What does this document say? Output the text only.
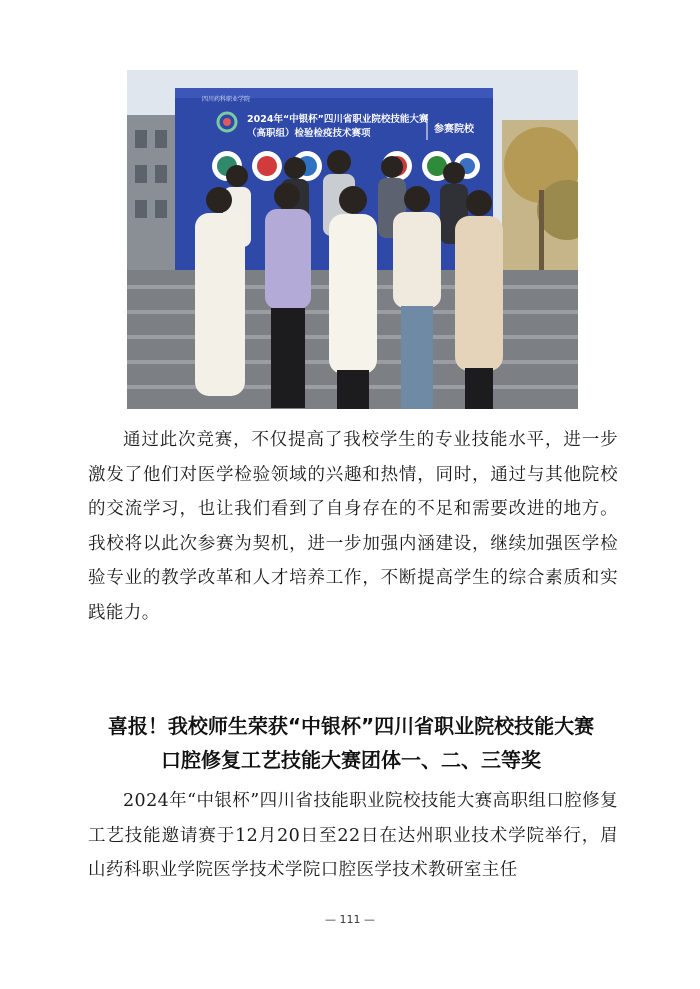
四川药科职业学院
2024年“中银杯”四川省职业院校技能大赛
（高职组）检验检疫技术赛项	参赛院校
通过此次竞赛，不仅提高了我校学生的专业技能水平，进一步激发了他们对医学检验领域的兴趣和热情，同时，通过与其他院校的交流学习，也让我们看到了自身存在的不足和需要改进的地方。我校将以此次参赛为契机，进一步加强内涵建设，继续加强医学检验专业的教学改革和人才培养工作，不断提高学生的综合素质和实践能力。
喜报！我校师生荣获“中银杯”四川省职业院校技能大赛
口腔修复工艺技能大赛团体一、二、三等奖
2024年“中银杯”四川省技能职业院校技能大赛高职组口腔修复工艺技能邀请赛于12月20日至22日在达州职业技术学院举行，眉山药科职业学院医学技术学院口腔医学技术教研室主任
— 111 —
